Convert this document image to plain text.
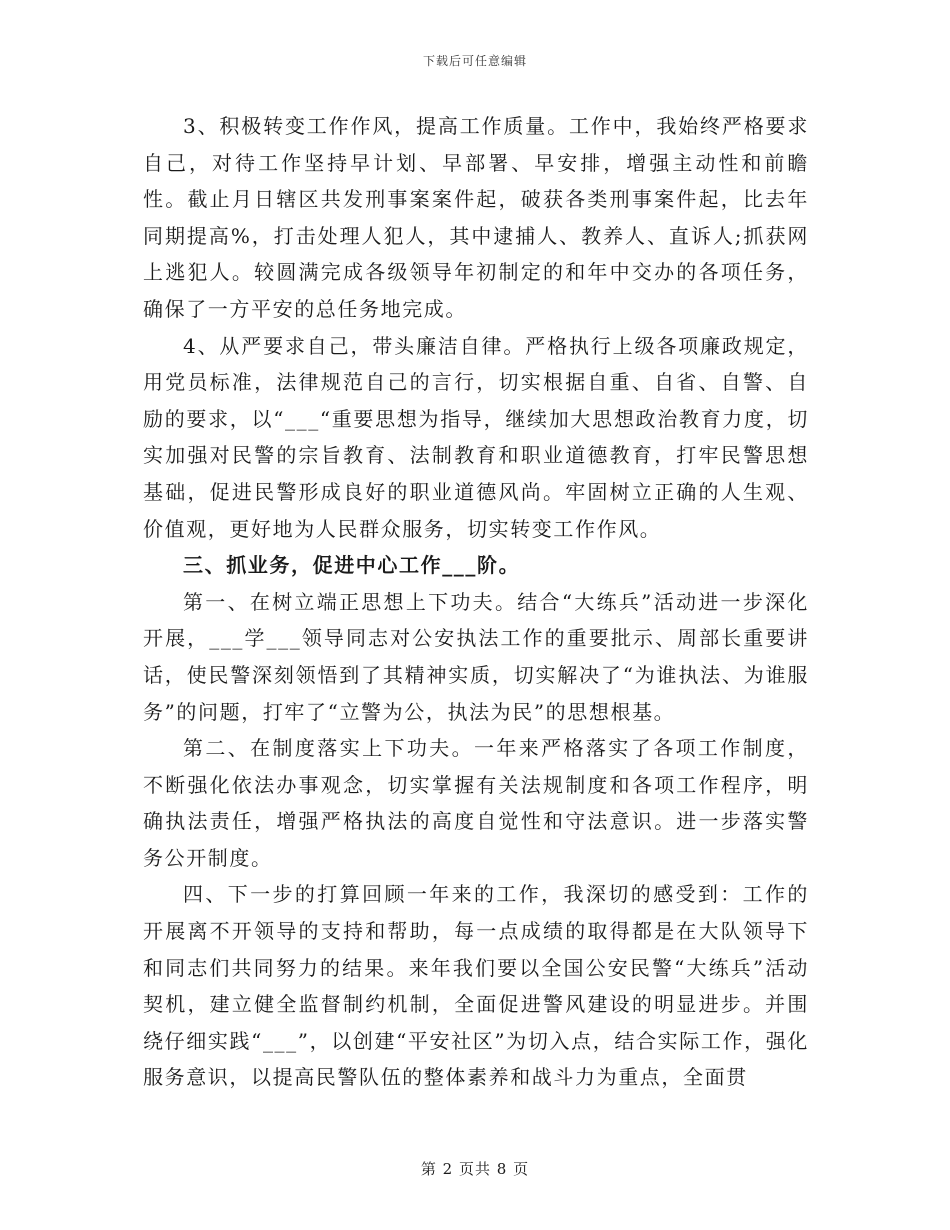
下载后可任意编辑

3、积极转变工作作风，提高工作质量。工作中，我始终严格要求自己，对待工作坚持早计划、早部署、早安排，增强主动性和前瞻性。截止月日辖区共发刑事案案件起，破获各类刑事案件起，比去年同期提高%，打击处理人犯人，其中逮捕人、教养人、直诉人;抓获网上逃犯人。较圆满完成各级领导年初制定的和年中交办的各项任务，确保了一方平安的总任务地完成。

4、从严要求自己，带头廉洁自律。严格执行上级各项廉政规定，用党员标准，法律规范自己的言行，切实根据自重、自省、自警、自励的要求，以“___“重要思想为指导，继续加大思想政治教育力度，切实加强对民警的宗旨教育、法制教育和职业道德教育，打牢民警思想基础，促进民警形成良好的职业道德风尚。牢固树立正确的人生观、价值观，更好地为人民群众服务，切实转变工作作风。

三、抓业务，促进中心工作___阶。

第一、在树立端正思想上下功夫。结合“大练兵”活动进一步深化开展，___学___领导同志对公安执法工作的重要批示、周部长重要讲话，使民警深刻领悟到了其精神实质，切实解决了“为谁执法、为谁服务”的问题，打牢了“立警为公，执法为民”的思想根基。

第二、在制度落实上下功夫。一年来严格落实了各项工作制度，不断强化依法办事观念，切实掌握有关法规制度和各项工作程序，明确执法责任，增强严格执法的高度自觉性和守法意识。进一步落实警务公开制度。

四、下一步的打算回顾一年来的工作，我深切的感受到：工作的开展离不开领导的支持和帮助，每一点成绩的取得都是在大队领导下和同志们共同努力的结果。来年我们要以全国公安民警“大练兵”活动契机，建立健全监督制约机制，全面促进警风建设的明显进步。并围绕仔细实践“___”，以创建“平安社区”为切入点，结合实际工作，强化服务意识，以提高民警队伍的整体素养和战斗力为重点，全面贯

第 2 页共 8 页
